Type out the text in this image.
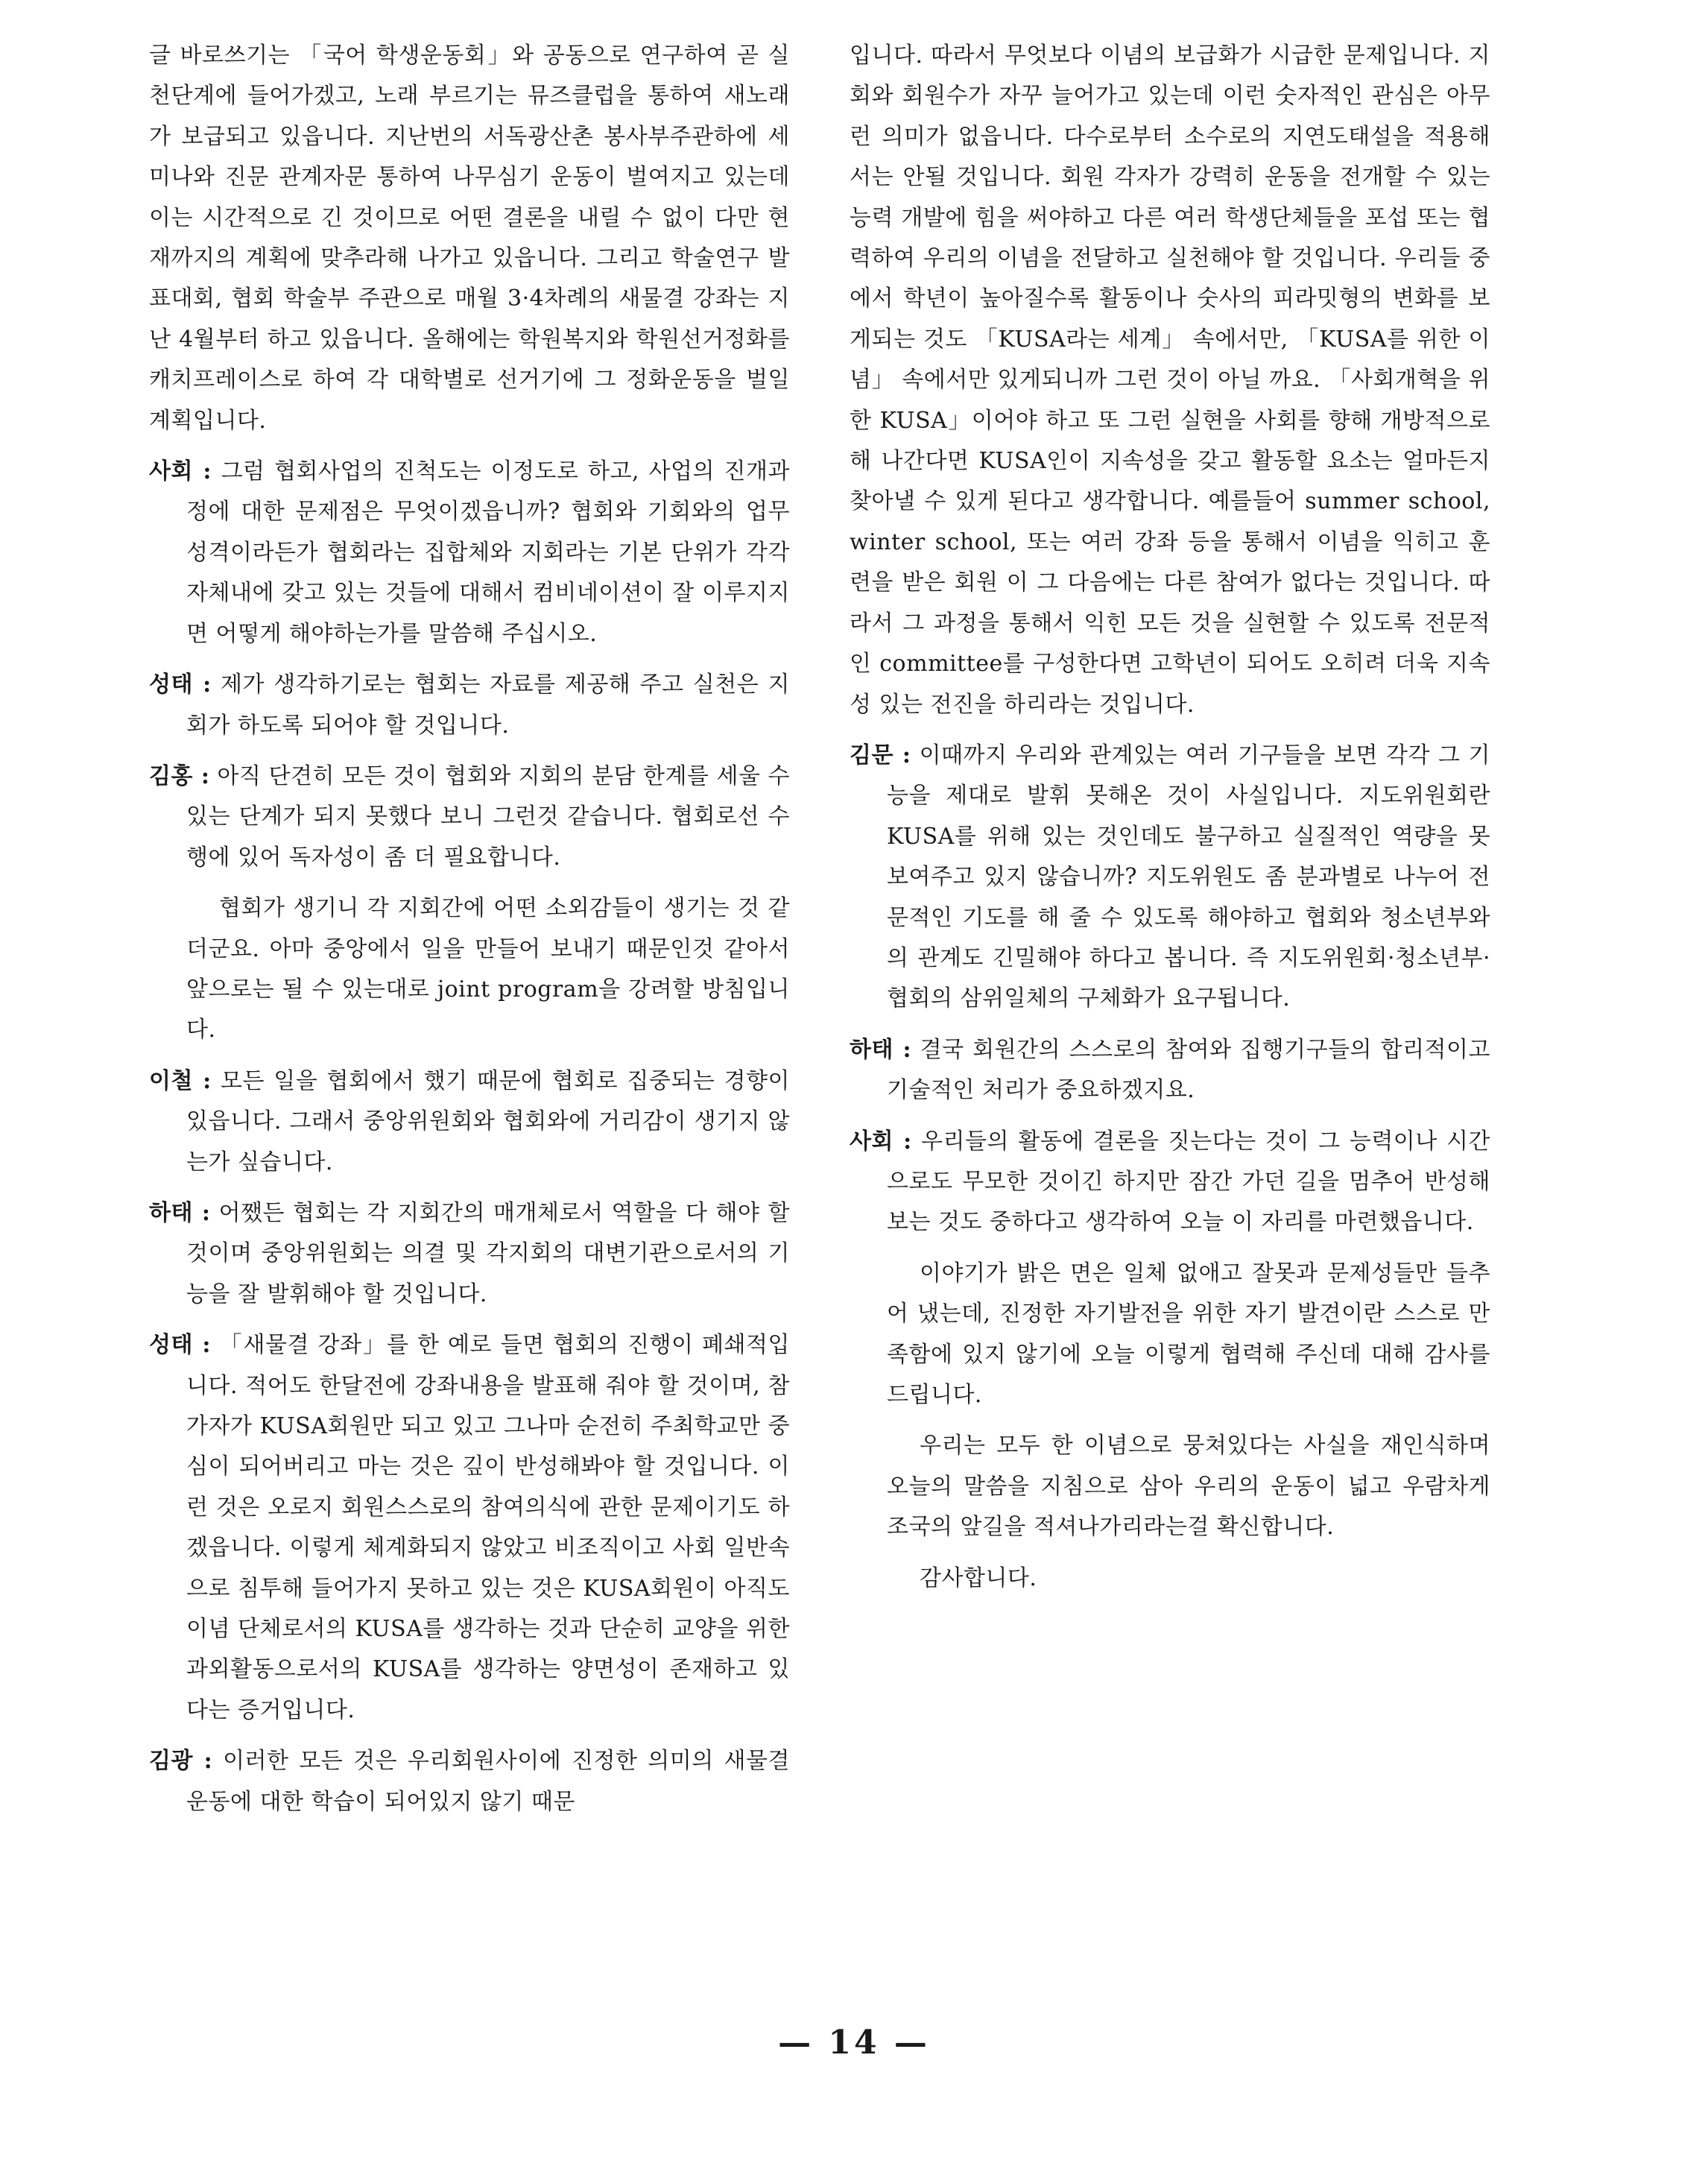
글 바로쓰기는 「국어 학생운동회」와 공동으로 연구하여 곧 실천단계에 들어가겠고, 노래 부르기는 뮤즈클럽을 통하여 새노래가 보급되고 있읍니다. 지난번의 서독광산촌 봉사부주관하에 세미나와 진문 관계자문 통하여 나무심기 운동이 벌여지고 있는데 이는 시간적으로 긴 것이므로 어떤 결론을 내릴 수 없이 다만 현재까지의 계획에 맞추라해 나가고 있읍니다. 그리고 학술연구 발표대회, 협회 학술부 주관으로 매월 3·4차례의 새물결 강좌는 지난 4월부터 하고 있읍니다. 올해에는 학원복지와 학원선거정화를 캐치프레이스로 하여 각 대학별로 선거기에 그 정화운동을 벌일 계획입니다.

사회 : 그럼 협회사업의 진척도는 이정도로 하고, 사업의 진개과정에 대한 문제점은 무엇이겠읍니까? 협회와 기회와의 업무성격이라든가 협회라는 집합체와 지회라는 기본 단위가 각각 자체내에 갖고 있는 것들에 대해서 컴비네이션이 잘 이루지지면 어떻게 해야하는가를 말씀해 주십시오.

성태 : 제가 생각하기로는 협회는 자료를 제공해 주고 실천은 지회가 하도록 되어야 할 것입니다.

김홍 : 아직 단견히 모든 것이 협회와 지회의 분담 한계를 세울 수 있는 단계가 되지 못했다 보니 그런것 같습니다. 협회로선 수행에 있어 독자성이 좀 더 필요합니다.

협회가 생기니 각 지회간에 어떤 소외감들이 생기는 것 같더군요. 아마 중앙에서 일을 만들어 보내기 때문인것 같아서 앞으로는 될 수 있는대로 joint program을 강려할 방침입니다.

이철 : 모든 일을 협회에서 했기 때문에 협회로 집중되는 경향이있읍니다. 그래서 중앙위원회와 협회와에 거리감이 생기지 않는가 싶습니다.

하태 : 어쨌든 협회는 각 지회간의 매개체로서 역할을 다 해야 할 것이며 중앙위원회는 의결 및 각지회의 대변기관으로서의 기능을 잘 발휘해야 할 것입니다.

성태 : 「새물결 강좌」를 한 예로 들면 협회의 진행이 폐쇄적입니다. 적어도 한달전에 강좌내용을 발표해 줘야 할 것이며, 참가자가 KUSA회원만 되고 있고 그나마 순전히 주최학교만 중심이 되어버리고 마는 것은 깊이 반성해봐야 할 것입니다. 이런 것은 오로지 회원스스로의 참여의식에 관한 문제이기도 하겠읍니다. 이렇게 체계화되지 않았고 비조직이고 사회 일반속으로 침투해 들어가지 못하고 있는 것은 KUSA회원이 아직도 이념 단체로서의 KUSA를 생각하는 것과 단순히 교양을 위한 과외활동으로서의 KUSA를 생각하는 양면성이 존재하고 있다는 증거입니다.

김광 : 이러한 모든 것은 우리회원사이에 진정한 의미의 새물결 운동에 대한 학습이 되어있지 않기 때문

입니다. 따라서 무엇보다 이념의 보급화가 시급한 문제입니다. 지회와 회원수가 자꾸 늘어가고 있는데 이런 숫자적인 관심은 아무런 의미가 없읍니다. 다수로부터 소수로의 지연도태설을 적용해서는 안될 것입니다. 회원 각자가 강력히 운동을 전개할 수 있는 능력 개발에 힘을 써야하고 다른 여러 학생단체들을 포섭 또는 협력하여 우리의 이념을 전달하고 실천해야 할 것입니다. 우리들 중에서 학년이 높아질수록 활동이나 숫사의 피라밋형의 변화를 보게되는 것도 「KUSA라는 세계」 속에서만, 「KUSA를 위한 이념」 속에서만 있게되니까 그런 것이 아닐 까요. 「사회개혁을 위한 KUSA」이어야 하고 또 그런 실현을 사회를 향해 개방적으로 해 나간다면 KUSA인이 지속성을 갖고 활동할 요소는 얼마든지 찾아낼 수 있게 된다고 생각합니다. 예를들어 summer school, winter school, 또는 여러 강좌 등을 통해서 이념을 익히고 훈련을 받은 회원 이 그 다음에는 다른 참여가 없다는 것입니다. 따라서 그 과정을 통해서 익힌 모든 것을 실현할 수 있도록 전문적인 committee를 구성한다면 고학년이 되어도 오히려 더욱 지속성 있는 전진을 하리라는 것입니다.

김문 : 이때까지 우리와 관계있는 여러 기구들을 보면 각각 그 기능을 제대로 발휘 못해온 것이 사실입니다. 지도위원회란 KUSA를 위해 있는 것인데도 불구하고 실질적인 역량을 못 보여주고 있지 않습니까? 지도위원도 좀 분과별로 나누어 전문적인 기도를 해 줄 수 있도록 해야하고 협회와 청소년부와의 관계도 긴밀해야 하다고 봅니다. 즉 지도위원회·청소년부·협회의 삼위일체의 구체화가 요구됩니다.

하태 : 결국 회원간의 스스로의 참여와 집행기구들의 합리적이고 기술적인 처리가 중요하겠지요.

사회 : 우리들의 활동에 결론을 짓는다는 것이 그 능력이나 시간으로도 무모한 것이긴 하지만 잠간 가던 길을 멈추어 반성해 보는 것도 중하다고 생각하여 오늘 이 자리를 마련했읍니다.

이야기가 밝은 면은 일체 없애고 잘못과 문제성들만 들추어 냈는데, 진정한 자기발전을 위한 자기 발견이란 스스로 만족함에 있지 않기에 오늘 이렇게 협력해 주신데 대해 감사를 드립니다.

우리는 모두 한 이념으로 뭉쳐있다는 사실을 재인식하며 오늘의 말씀을 지침으로 삼아 우리의 운동이 넓고 우람차게 조국의 앞길을 적셔나가리라는걸 확신합니다.

감사합니다.

— 14 —
